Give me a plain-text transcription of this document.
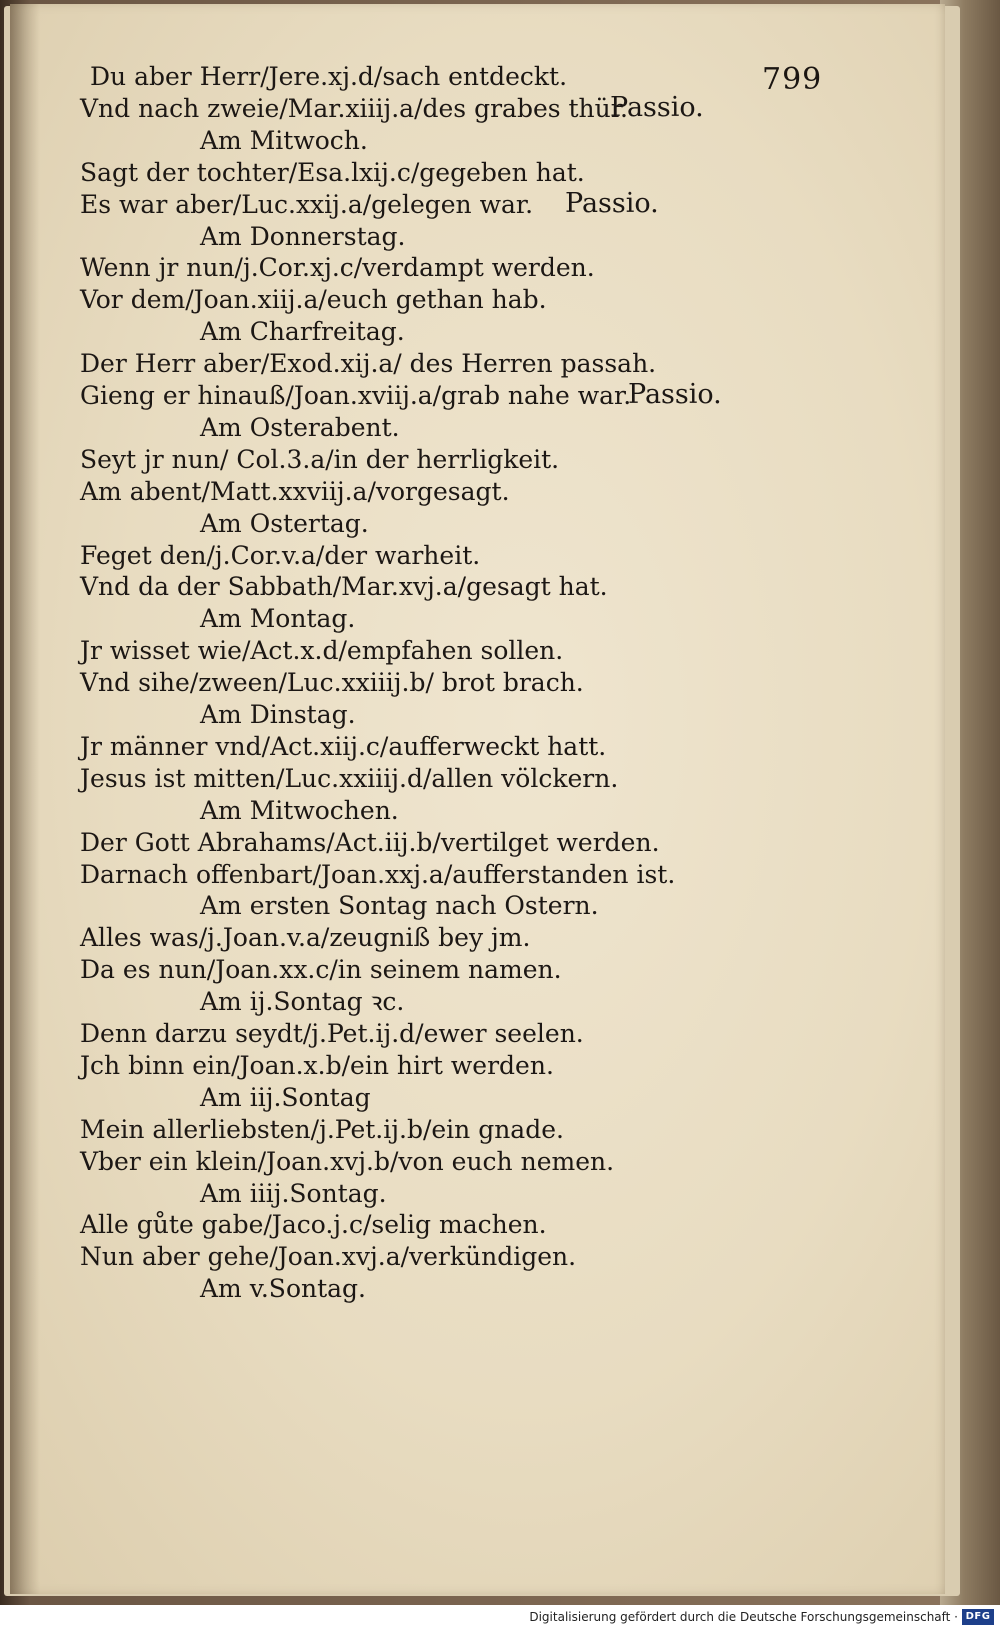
799
Du aber Herr/Jere.xj.d/sach entdeckt.
Vnd nach zweie/Mar.xiiij.a/des grabes thür.
Passio.
Am Mitwoch.
Sagt der tochter/Esa.lxij.c/gegeben hat.
Es war aber/Luc.xxij.a/gelegen war. Passio.
Am Donnerstag.
Wenn jr nun/j.Cor.xj.c/verdampt werden.
Vor dem/Joan.xiij.a/euch gethan hab.
Am Charfreitag.
Der Herr aber/Exod.xij.a/ des Herren passah.
Gieng er hinauß/Joan.xviij.a/grab nahe war.
Passio.
Am Osterabent.
Seyt jr nun/ Col.3.a/in der herrligkeit.
Am abent/Matt.xxviij.a/vorgesagt.
Am Ostertag.
Feget den/j.Cor.v.a/der warheit.
Vnd da der Sabbath/Mar.xvj.a/gesagt hat.
Am Montag.
Jr wisset wie/Act.x.d/empfahen sollen.
Vnd sihe/zween/Luc.xxiiij.b/ brot brach.
Am Dinstag.
Jr männer vnd/Act.xiij.c/aufferweckt hatt.
Jesus ist mitten/Luc.xxiiij.d/allen völckern.
Am Mitwochen.
Der Gott Abrahams/Act.iij.b/vertilget werden.
Darnach offenbart/Joan.xxj.a/aufferstanden ist.
Am ersten Sontag nach Ostern.
Alles was/j.Joan.v.a/zeugniß bey jm.
Da es nun/Joan.xx.c/in seinem namen.
Am ij.Sontag ꝛc.
Denn darzu seydt/j.Pet.ij.d/ewer seelen.
Jch binn ein/Joan.x.b/ein hirt werden.
Am iij.Sontag
Mein allerliebsten/j.Pet.ij.b/ein gnade.
Vber ein klein/Joan.xvj.b/von euch nemen.
Am iiij.Sontag.
Alle gůte gabe/Jaco.j.c/selig machen.
Nun aber gehe/Joan.xvj.a/verkündigen.
Am v.Sontag.
Digitalisierung gefördert durch die Deutsche Forschungsgemeinschaft · DFG
